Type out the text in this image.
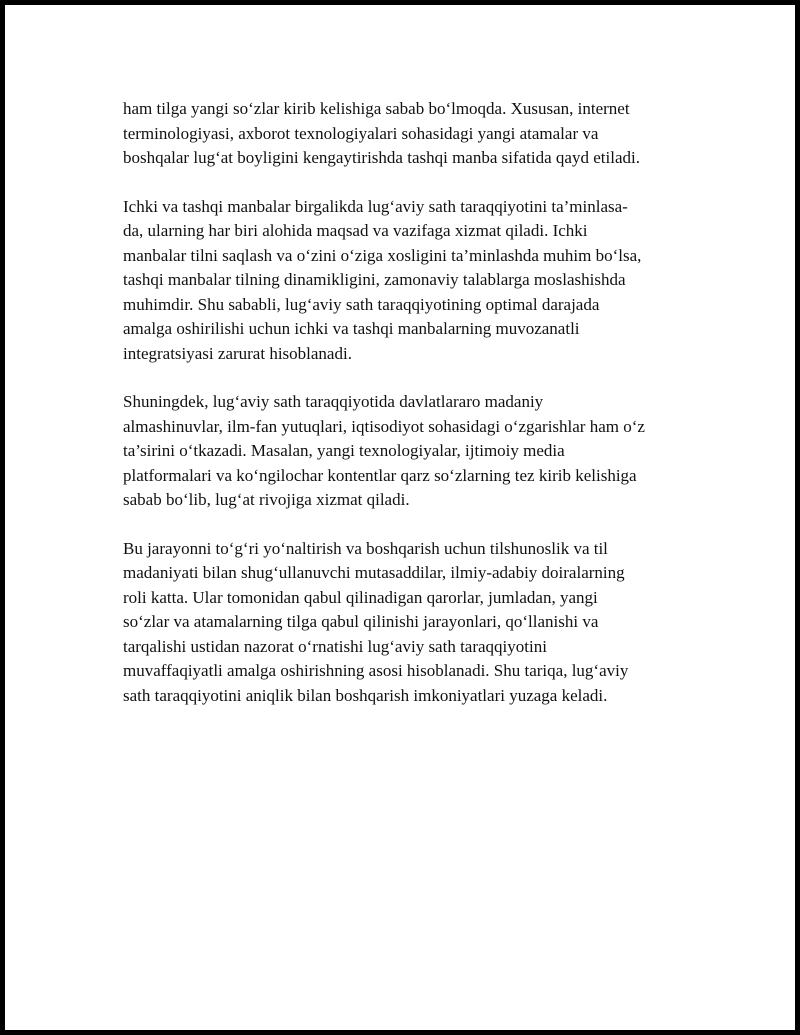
ham tilga yangi so‘zlar kirib kelishiga sabab bo‘lmoqda. Xususan, internet
terminologiyasi, axborot texnologiyalari sohasidagi yangi atamalar va
boshqalar lug‘at boyligini kengaytirishda tashqi manba sifatida qayd etiladi.

Ichki va tashqi manbalar birgalikda lug‘aviy sath taraqqiyotini ta’minlasa-
da, ularning har biri alohida maqsad va vazifaga xizmat qiladi. Ichki
manbalar tilni saqlash va o‘zini o‘ziga xosligini ta’minlashda muhim bo‘lsa,
tashqi manbalar tilning dinamikligini, zamonaviy talablarga moslashishda
muhimdir. Shu sababli, lug‘aviy sath taraqqiyotining optimal darajada
amalga oshirilishi uchun ichki va tashqi manbalarning muvozanatli
integratsiyasi zarurat hisoblanadi.

Shuningdek, lug‘aviy sath taraqqiyotida davlatlararo madaniy
almashinuvlar, ilm-fan yutuqlari, iqtisodiyot sohasidagi o‘zgarishlar ham o‘z
ta’sirini o‘tkazadi. Masalan, yangi texnologiyalar, ijtimoiy media
platformalari va ko‘ngilochar kontentlar qarz so‘zlarning tez kirib kelishiga
sabab bo‘lib, lug‘at rivojiga xizmat qiladi.

Bu jarayonni to‘g‘ri yo‘naltirish va boshqarish uchun tilshunoslik va til
madaniyati bilan shug‘ullanuvchi mutasaddilar, ilmiy-adabiy doiralarning
roli katta. Ular tomonidan qabul qilinadigan qarorlar, jumladan, yangi
so‘zlar va atamalarning tilga qabul qilinishi jarayonlari, qo‘llanishi va
tarqalishi ustidan nazorat o‘rnatishi lug‘aviy sath taraqqiyotini
muvaffaqiyatli amalga oshirishning asosi hisoblanadi. Shu tariqa, lug‘aviy
sath taraqqiyotini aniqlik bilan boshqarish imkoniyatlari yuzaga keladi.
